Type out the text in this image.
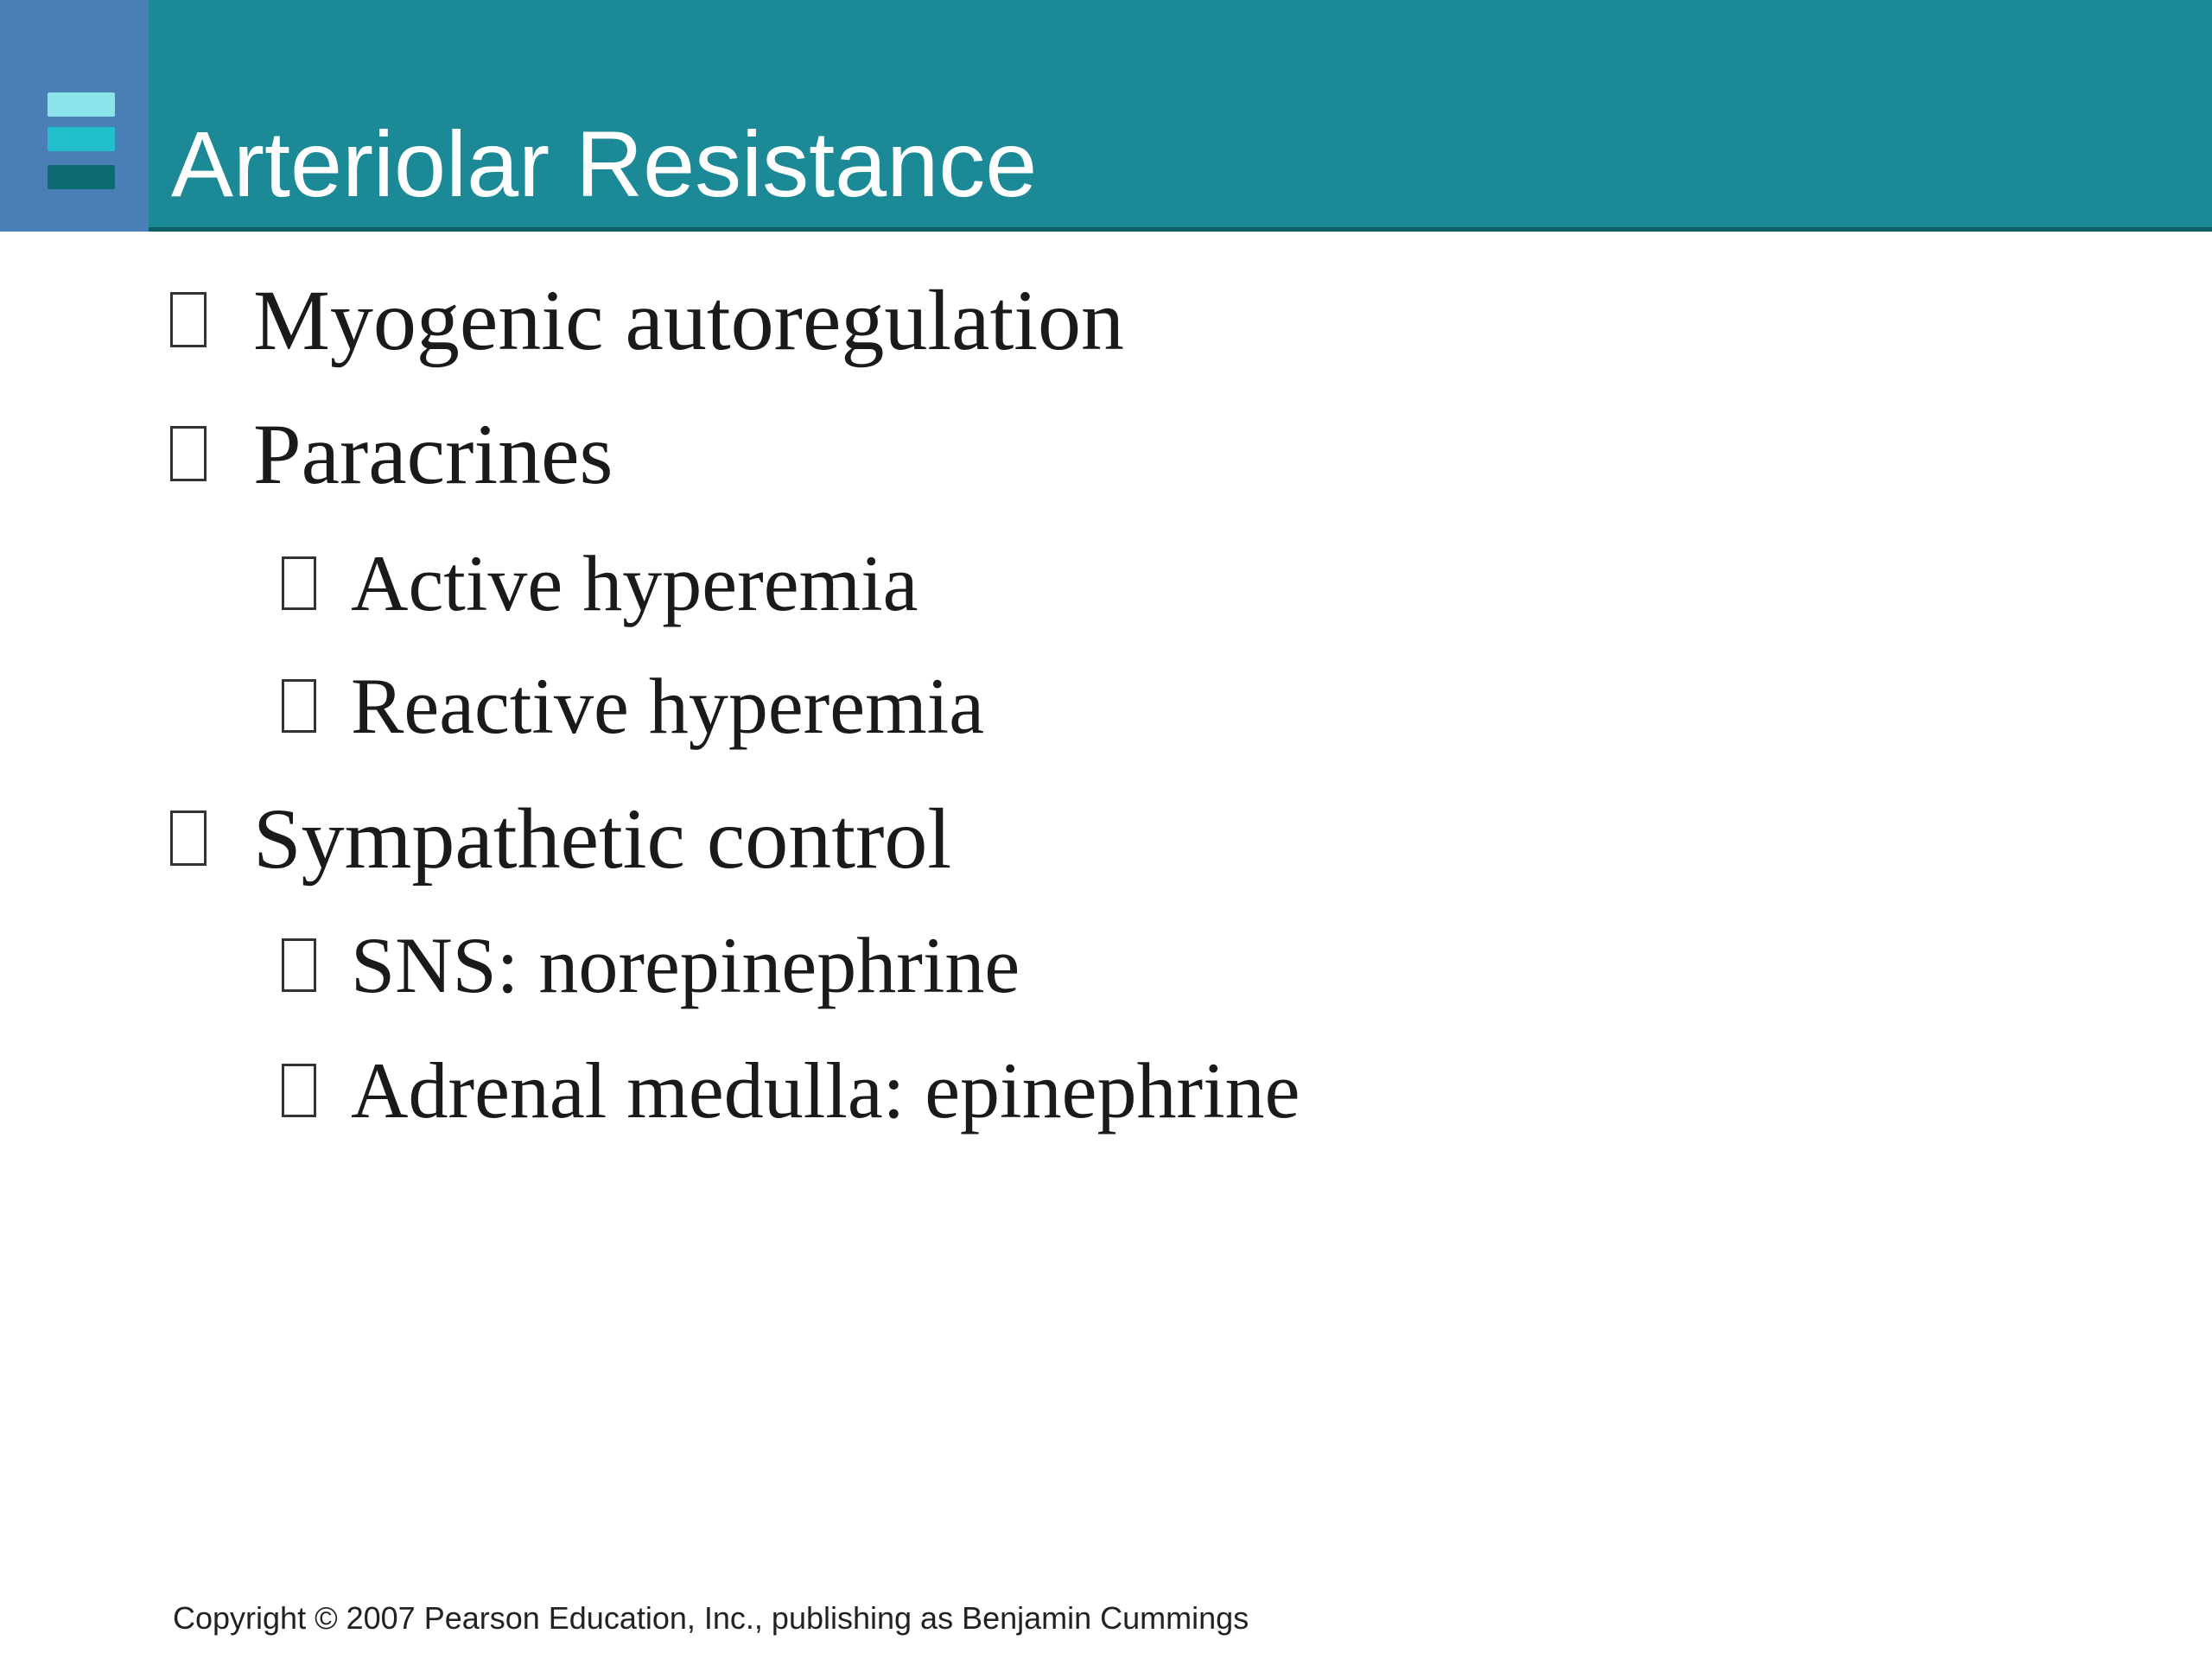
Arteriolar Resistance
Myogenic autoregulation
Paracrines
Active hyperemia
Reactive hyperemia
Sympathetic control
SNS: norepinephrine
Adrenal medulla: epinephrine
Copyright © 2007 Pearson Education, Inc., publishing as Benjamin Cummings
